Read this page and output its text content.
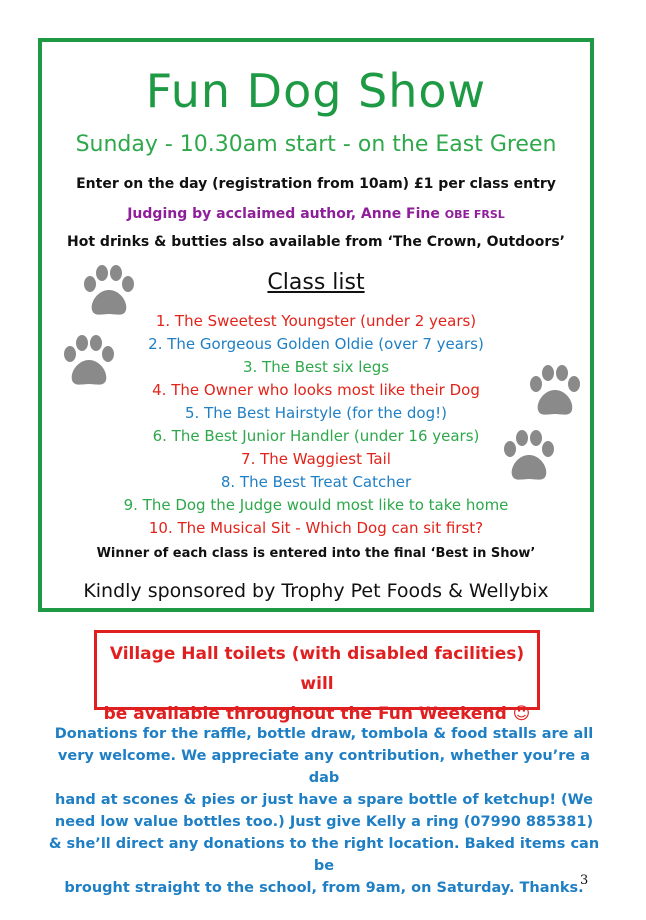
Fun Dog Show
Sunday - 10.30am start - on the East Green
Enter on the day (registration from 10am) £1 per class entry
Judging by acclaimed author, Anne Fine OBE FRSL
Hot drinks & butties also available from ‘The Crown, Outdoors’
Class list
1. The Sweetest Youngster (under 2 years)
2. The Gorgeous Golden Oldie (over 7 years)
3. The Best six legs
4. The Owner who looks most like their Dog
5. The Best Hairstyle (for the dog!)
6. The Best Junior Handler (under 16 years)
7. The Waggiest Tail
8. The Best Treat Catcher
9. The Dog the Judge would most like to take home
10. The Musical Sit - Which Dog can sit first?
Winner of each class is entered into the final ‘Best in Show’
Kindly sponsored by Trophy Pet Foods & Wellybix
Village Hall toilets (with disabled facilities) will
be available throughout the Fun Weekend ☺
Donations for the raffle, bottle draw, tombola & food stalls are all
very welcome. We appreciate any contribution, whether you’re a dab
hand at scones & pies or just have a spare bottle of ketchup! (We
need low value bottles too.) Just give Kelly a ring (07990 885381)
& she’ll direct any donations to the right location. Baked items can be
brought straight to the school, from 9am, on Saturday. Thanks.
3
